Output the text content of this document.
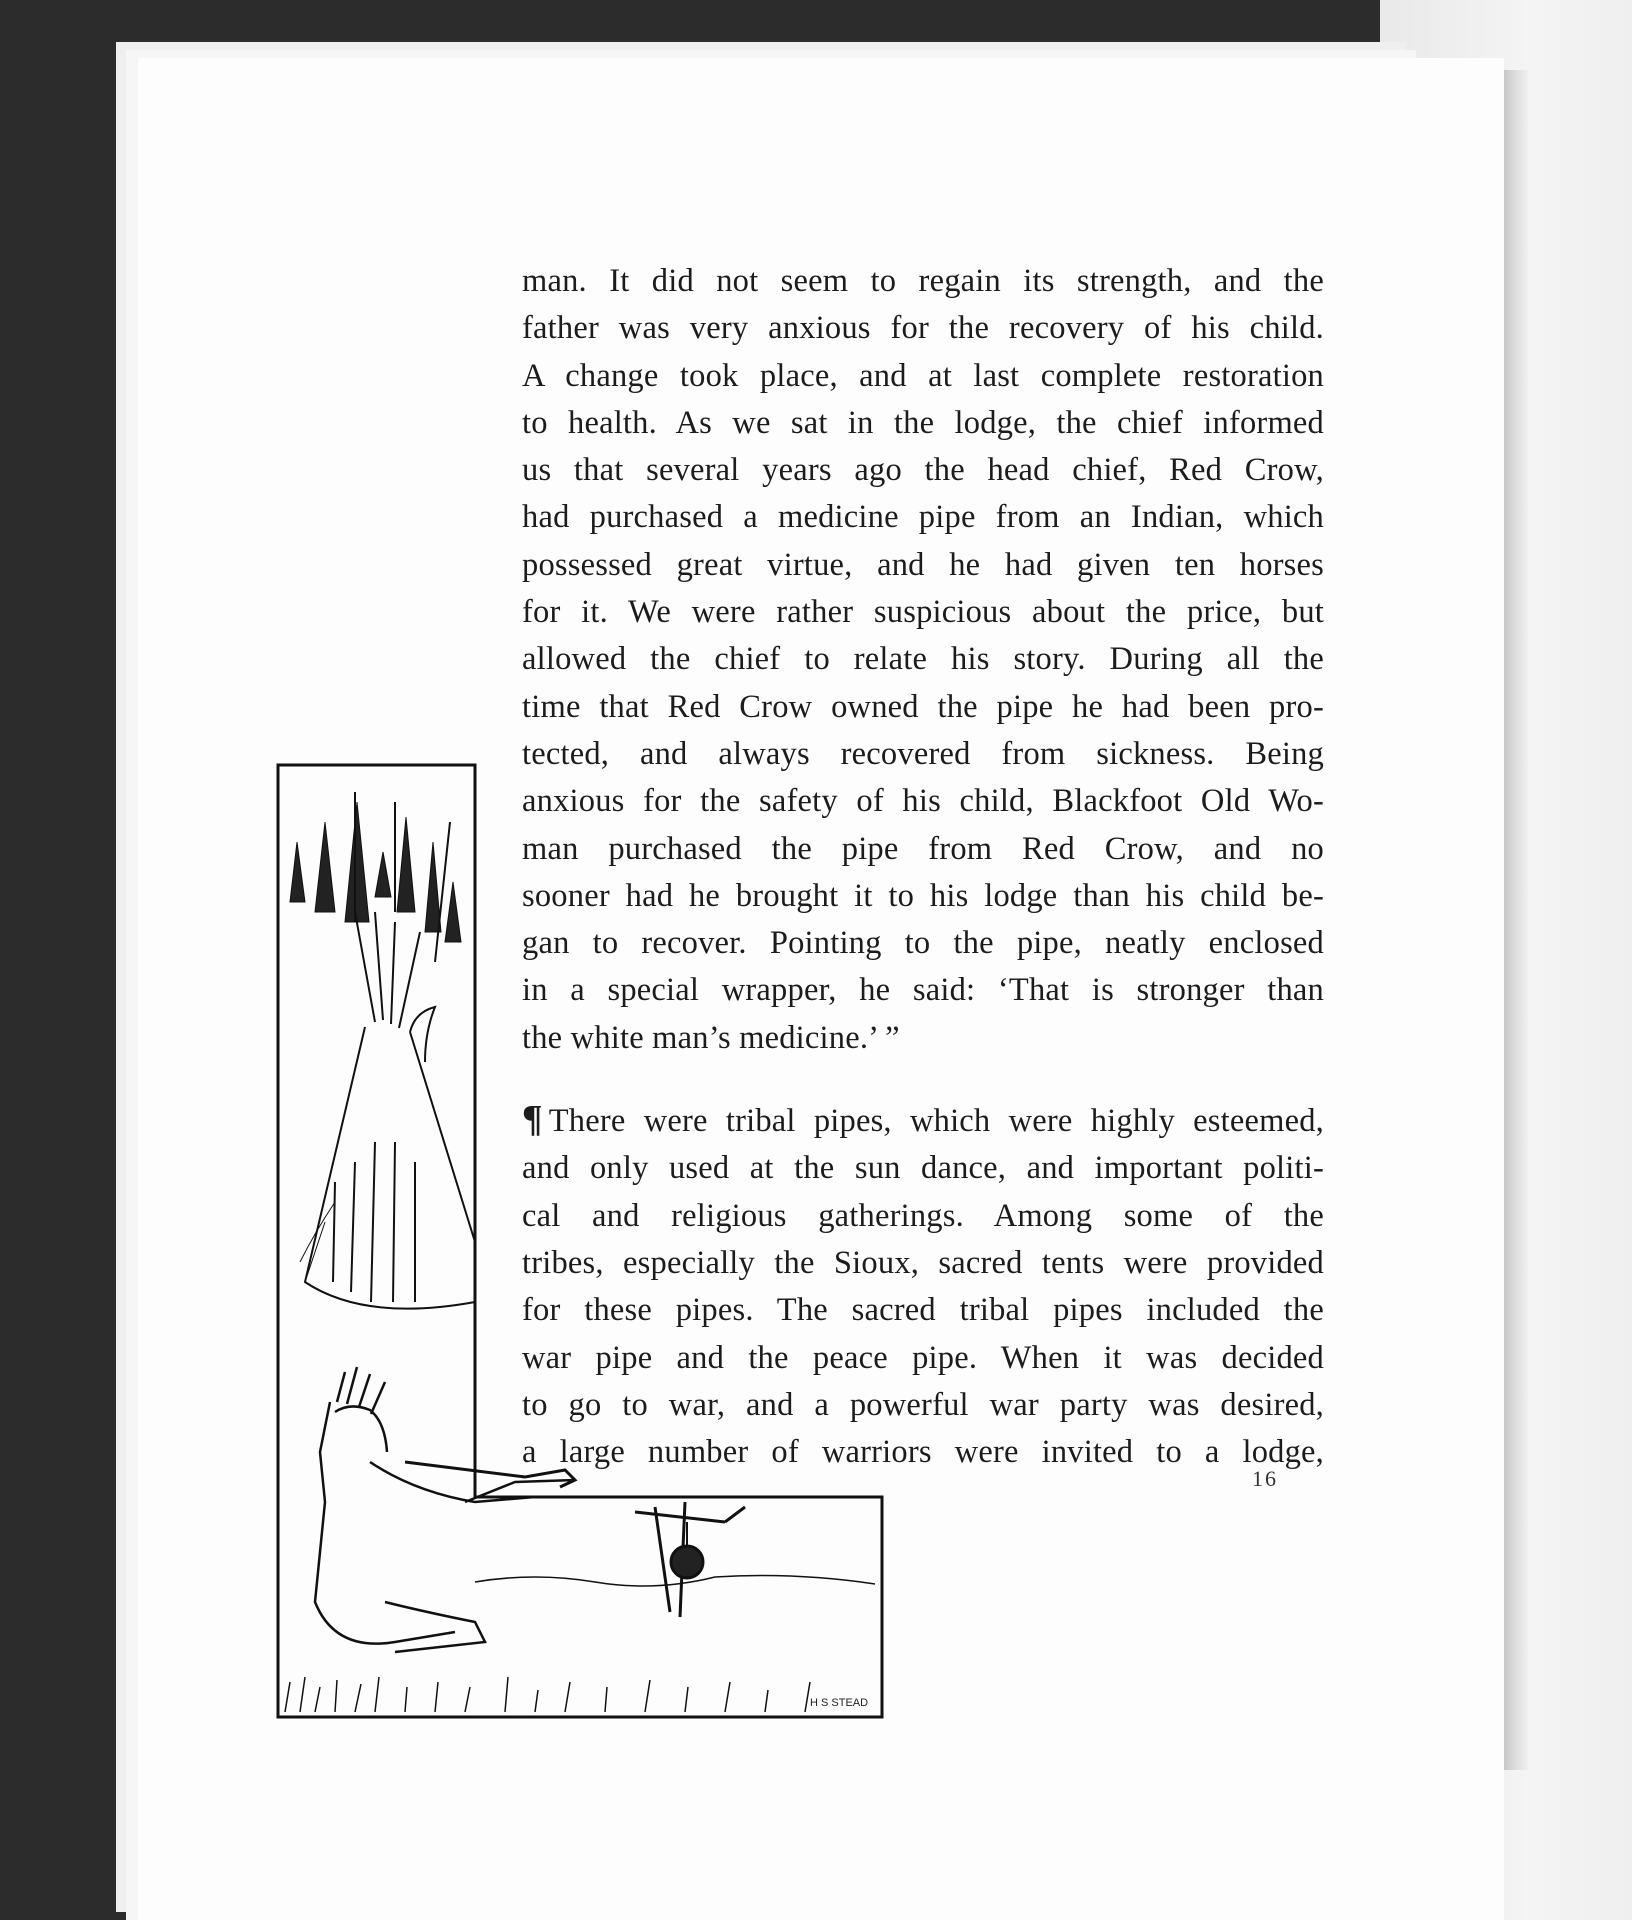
man. It did not seem to regain its strength, and the
father was very anxious for the recovery of his child.
A change took place, and at last complete restoration
to health. As we sat in the lodge, the chief informed
us that several years ago the head chief, Red Crow,
had purchased a medicine pipe from an Indian, which
possessed great virtue, and he had given ten horses
for it. We were rather suspicious about the price, but
allowed the chief to relate his story. During all the
time that Red Crow owned the pipe he had been pro-
tected, and always recovered from sickness. Being
anxious for the safety of his child, Blackfoot Old Wo-
man purchased the pipe from Red Crow, and no
sooner had he brought it to his lodge than his child be-
gan to recover. Pointing to the pipe, neatly enclosed
in a special wrapper, he said: ‘That is stronger than
the white man’s medicine.’ ”
¶ There were tribal pipes, which were highly esteemed,
and only used at the sun dance, and important politi-
cal and religious gatherings. Among some of the
tribes, especially the Sioux, sacred tents were provided
for these pipes. The sacred tribal pipes included the
war pipe and the peace pipe. When it was decided
to go to war, and a powerful war party was desired,
a large number of warriors were invited to a lodge,
16
H S STEAD
